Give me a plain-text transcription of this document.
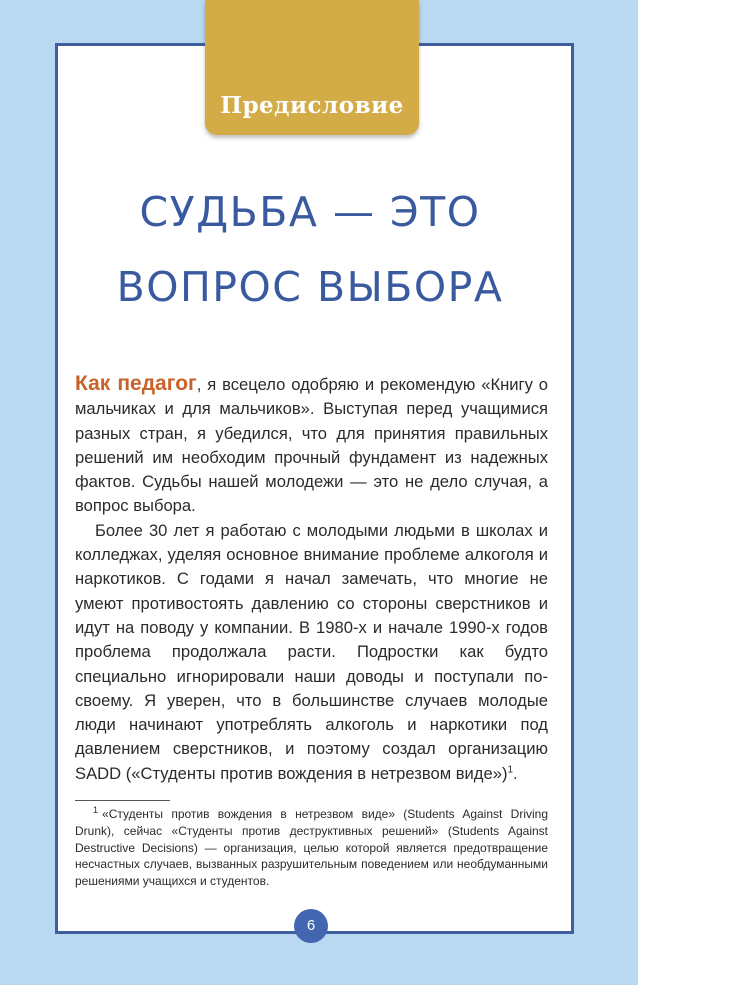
Предисловие
СУДЬБА — ЭТО
ВОПРОС ВЫБОРА

Как педагог, я всецело одобряю и рекомендую «Книгу о мальчиках и для мальчиков». Выступая перед учащимися разных стран, я убедился, что для принятия правильных решений им необходим прочный фундамент из надежных фактов. Судьбы нашей молодежи — это не дело случая, а вопрос выбора.

Более 30 лет я работаю с молодыми людьми в школах и колледжах, уделяя основное внимание проблеме алкоголя и наркотиков. С годами я начал замечать, что многие не умеют противостоять давлению со стороны сверстников и идут на поводу у компании. В 1980-х и начале 1990-х годов проблема продолжала расти. Подростки как будто специально игнорировали наши доводы и поступали по-своему. Я уверен, что в большинстве случаев молодые люди начинают употреблять алкоголь и наркотики под давлением сверстников, и поэтому создал организацию SADD («Студенты против вождения в нетрезвом виде»)$^1$.

$^1$ «Студенты против вождения в нетрезвом виде» (Students Against Driving Drunk), сейчас «Студенты против деструктивных решений» (Students Against Destructive Decisions) — организация, целью которой является предотвращение несчастных случаев, вызванных разрушительным поведением или необдуманными решениями учащихся и студентов.
6
